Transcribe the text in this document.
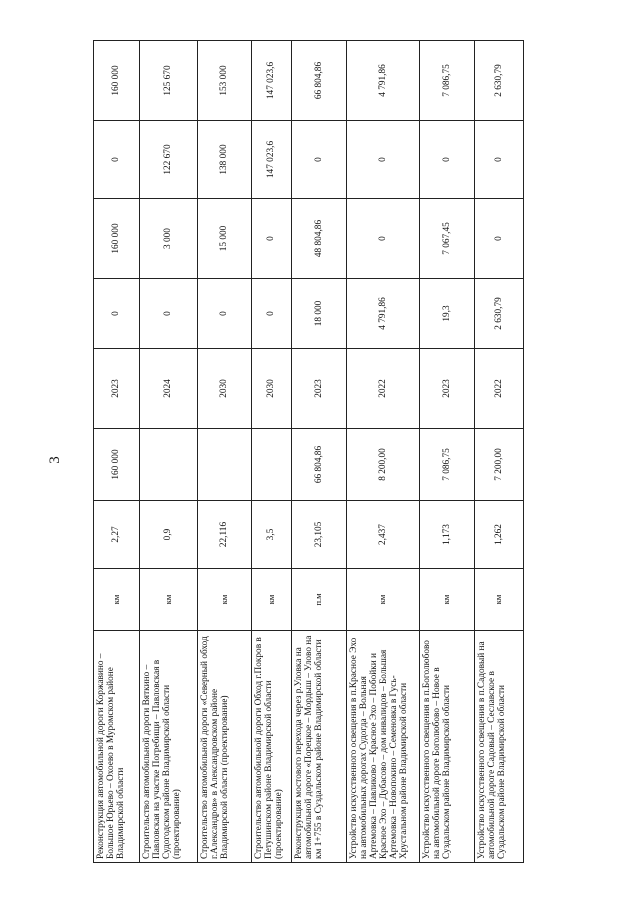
3
Реконструкция автомобильной дороги Коржавино – Большое Юрьево – Охоево в Муромском районе Владимирской области	км	2,27	160 000	2023	0	160 000	0	160 000
Строительство автомобильной дороги Вяткино – Павловская на участке Погребищи – Павловская в Судогодском районе Владимирской области (проектирование)	км	0,9		2024	0	3 000	122 670	125 670
Строительство автомобильной дороги «Северный обход г.Александров» в Александровском районе Владимирской области (проектирование)	км	22,116		2030	0	15 000	138 000	153 000
Строительство автомобильной дороги Обход г.Покров в Петушинском районе Владимирской области (проектирование)	км	3,5		2030	0	0	147 023,6	147 023,6
Реконструкция мостового перехода через р.Уловка на автомобильной дороге «Порецкое – Мордыш – Улово на км 1+755 в Суздальском районе Владимирской области	п.м	23,105	66 804,86	2023	18 000	48 804,86	0	66 804,86
Устройство искусственного освещения в п.Красное Эхо на автомобильных дорогах Судогда – Вольная Артемовка – Павликово – Красное Эхо – Побойки и Красное Эхо – Дубасово – дом инвалидов – Большая Артемовка – Новопокино – Семеновка в Гусь-Хрустальном районе Владимирской области	км	2,437	8 200,00	2022	4 791,86	0	0	4 791,86
Устройство искусственного освещения в п.Боголюбово на автомобильной дороге Боголюбово – Новое в Суздальском районе Владимирской области	км	1,173	7 086,75	2023	19,3	7 067,45	0	7 086,75
Устройство искусственного освещения в п.Садовый на автомобильной дороге Садовый – Сеславское в Суздальском районе Владимирской области	км	1,262	7 200,00	2022	2 630,79	0	0	2 630,79
